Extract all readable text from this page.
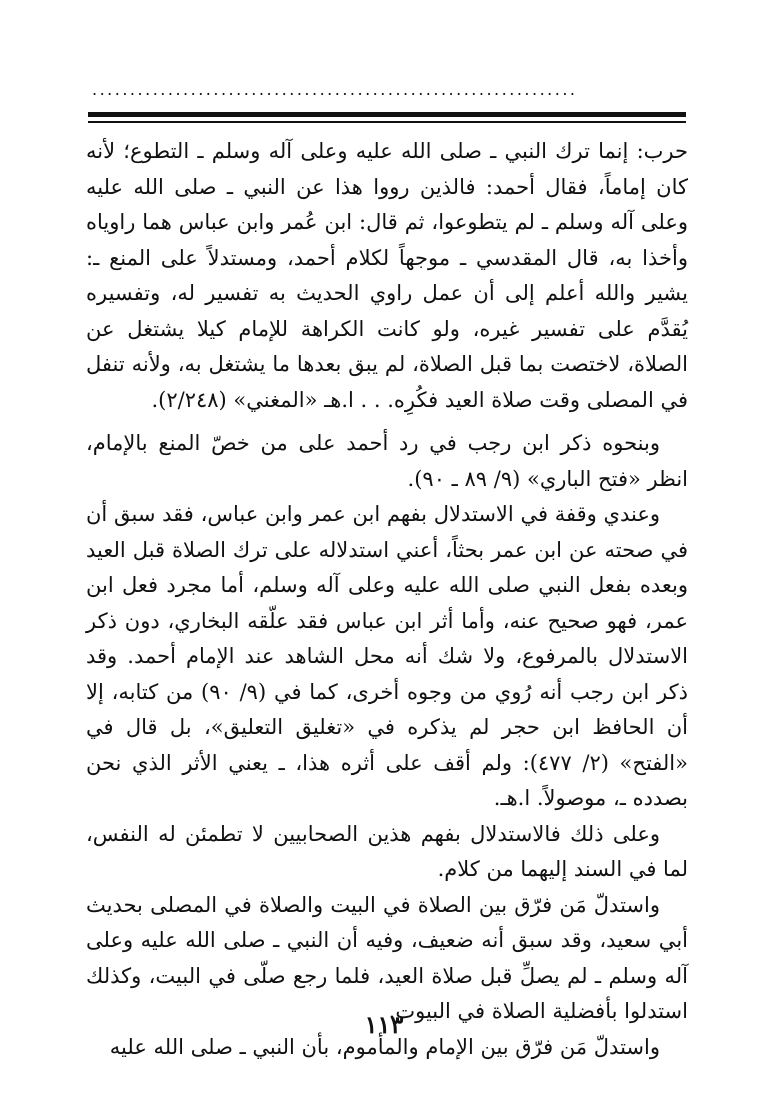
................................................................

حرب: إنما ترك النبي ـ صلى الله عليه وعلى آله وسلم ـ التطوع؛ لأنه كان إماماً، فقال أحمد: فالذين رووا هذا عن النبي ـ صلى الله عليه وعلى آله وسلم ـ لم يتطوعوا، ثم قال: ابن عُمر وابن عباس هما راوياه وأخذا به، قال المقدسي ـ موجهاً لكلام أحمد، ومستدلاً على المنع ـ: يشير والله أعلم إلى أن عمل راوي الحديث به تفسير له، وتفسيره يُقدَّم على تفسير غيره، ولو كانت الكراهة للإمام كيلا يشتغل عن الصلاة، لاختصت بما قبل الصلاة، لم يبق بعدها ما يشتغل به، ولأنه تنفل في المصلى وقت صلاة العيد فكُرِه. . . ا.هـ «المغني» (٢/٢٤٨).

وبنحوه ذكر ابن رجب في رد أحمد على من خصّ المنع بالإمام، انظر «فتح الباري» (٩/ ٨٩ ـ ٩٠).

وعندي وقفة في الاستدلال بفهم ابن عمر وابن عباس، فقد سبق أن في صحته عن ابن عمر بحثاً، أعني استدلاله على ترك الصلاة قبل العيد وبعده بفعل النبي صلى الله عليه وعلى آله وسلم، أما مجرد فعل ابن عمر، فهو صحيح عنه، وأما أثر ابن عباس فقد علّقه البخاري، دون ذكر الاستدلال بالمرفوع، ولا شك أنه محل الشاهد عند الإمام أحمد. وقد ذكر ابن رجب أنه رُوي من وجوه أخرى، كما في (٩/ ٩٠) من كتابه، إلا أن الحافظ ابن حجر لم يذكره في «تغليق التعليق»، بل قال في «الفتح» (٢/ ٤٧٧): ولم أقف على أثره هذا، ـ يعني الأثر الذي نحن بصدده ـ، موصولاً. ا.هـ.

وعلى ذلك فالاستدلال بفهم هذين الصحابيين لا تطمئن له النفس، لما في السند إليهما من كلام.

واستدلّ مَن فرّق بين الصلاة في البيت والصلاة في المصلى بحديث أبي سعيد، وقد سبق أنه ضعيف، وفيه أن النبي ـ صلى الله عليه وعلى آله وسلم ـ لم يصلِّ قبل صلاة العيد، فلما رجع صلّى في البيت، وكذلك استدلوا بأفضلية الصلاة في البيوت.

واستدلّ مَن فرّق بين الإمام والمأموم، بأن النبي ـ صلى الله عليه

١١٣
